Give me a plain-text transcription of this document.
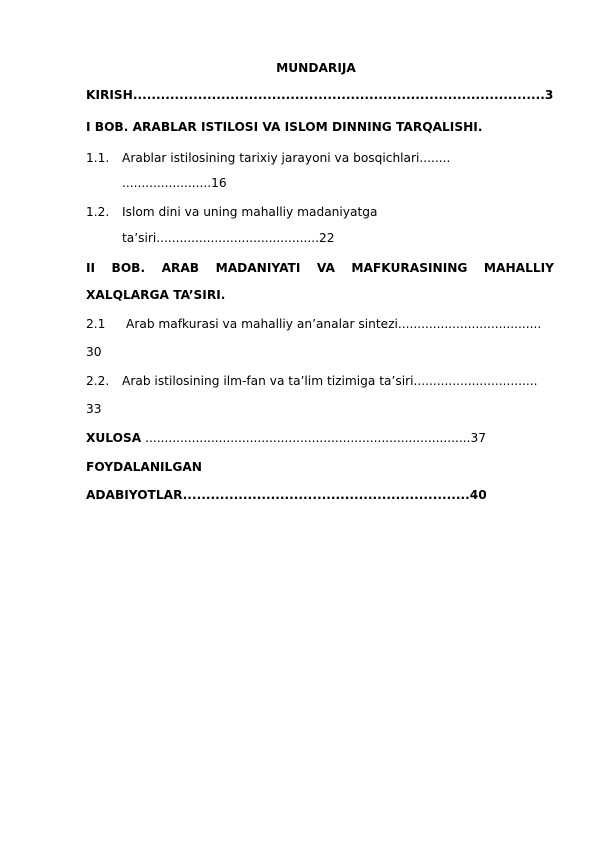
MUNDARIJA
KIRISH.........................................................................................3
I BOB. ARABLAR ISTILOSI VA ISLOM DINNING TARQALISHI.
1.1. Arablar istilosining tarixiy jarayoni va bosqichlari........
.......................16
1.2. Islom dini va uning mahalliy madaniyatga
ta’siri..........................................22
II BOB. ARAB MADANIYATI VA MAFKURASINING MAHALLIY
XALQLARGA TA’SIRI.
2.1 Arab mafkurasi va mahalliy an’analar sintezi.....................................
30
2.2. Arab istilosining ilm-fan va ta’lim tizimiga ta’siri................................
33
XULOSA ....................................................................................37
FOYDALANILGAN
ADABIYOTLAR..............................................................40
